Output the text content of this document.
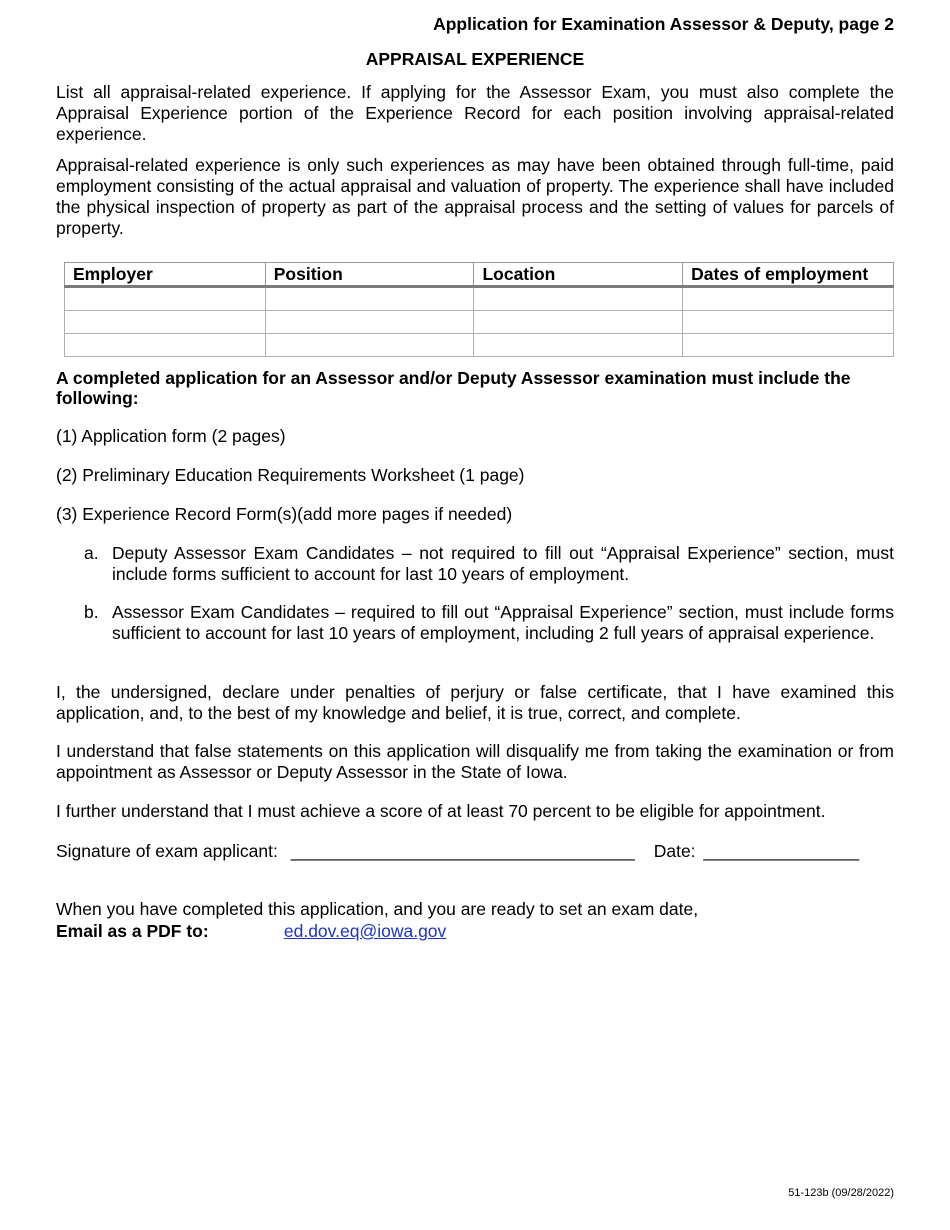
Application for Examination Assessor & Deputy, page 2
APPRAISAL EXPERIENCE
List all appraisal-related experience. If applying for the Assessor Exam, you must also complete the Appraisal Experience portion of the Experience Record for each position involving appraisal-related experience.
Appraisal-related experience is only such experiences as may have been obtained through full-time, paid employment consisting of the actual appraisal and valuation of property. The experience shall have included the physical inspection of property as part of the appraisal process and the setting of values for parcels of property.
Employer	Position	Location	Dates of employment

A completed application for an Assessor and/or Deputy Assessor examination must include the following:
(1) Application form (2 pages)
(2) Preliminary Education Requirements Worksheet (1 page)
(3) Experience Record Form(s)(add more pages if needed)
a. Deputy Assessor Exam Candidates – not required to fill out “Appraisal Experience” section, must include forms sufficient to account for last 10 years of employment.
b. Assessor Exam Candidates – required to fill out “Appraisal Experience” section, must include forms sufficient to account for last 10 years of employment, including 2 full years of appraisal experience.
I, the undersigned, declare under penalties of perjury or false certificate, that I have examined this application, and, to the best of my knowledge and belief, it is true, correct, and complete.
I understand that false statements on this application will disqualify me from taking the examination or from appointment as Assessor or Deputy Assessor in the State of Iowa.
I further understand that I must achieve a score of at least 70 percent to be eligible for appointment.
Signature of exam applicant: ___________________________________ Date: ________________
When you have completed this application, and you are ready to set an exam date,
Email as a PDF to:	ed.dov.eq@iowa.gov
51-123b (09/28/2022)
